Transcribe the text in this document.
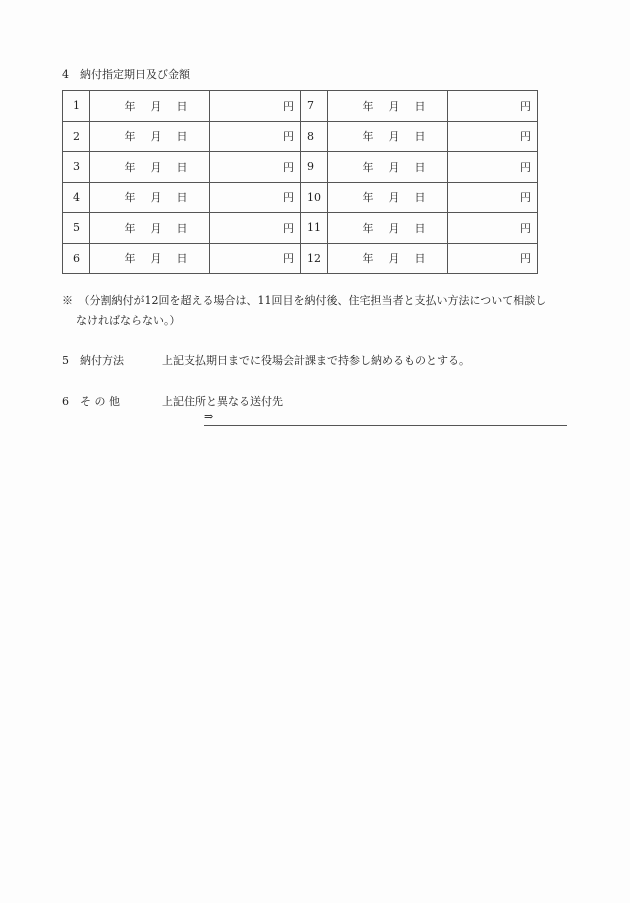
4　納付指定期日及び金額
1	年 月 日	円	7	年 月 日	円
2	年 月 日	円	8	年 月 日	円
3	年 月 日	円	9	年 月 日	円
4	年 月 日	円	10	年 月 日	円
5	年 月 日	円	11	年 月 日	円
6	年 月 日	円	12	年 月 日	円
※　（分割納付が12回を超える場合は、11回目を納付後、住宅担当者と支払い方法について相談し
なければならない。）
5　納付方法	上記支払期日までに役場会計課まで持参し納めるものとする。
6　そ の 他	上記住所と異なる送付先
⇒
